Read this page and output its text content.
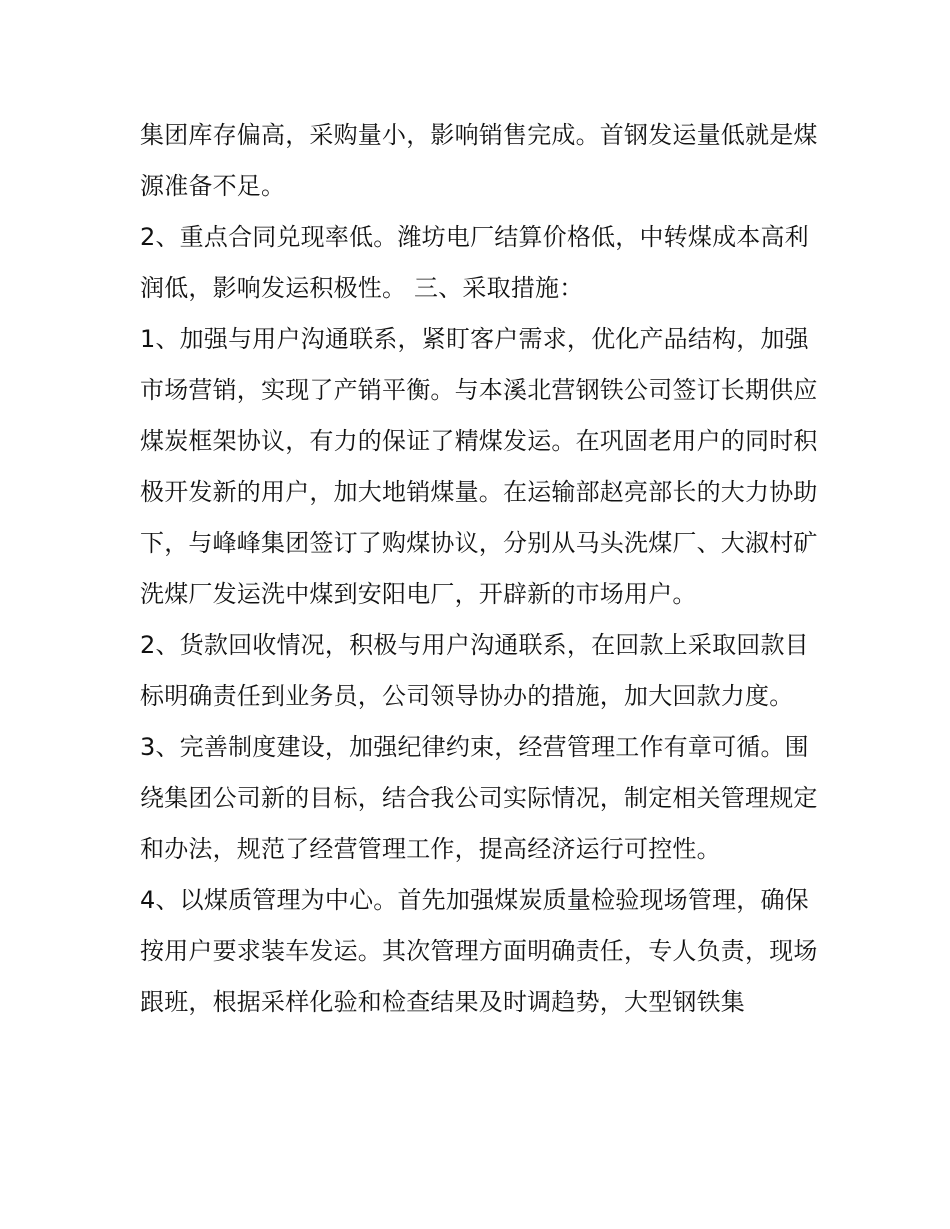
集团库存偏高，采购量小，影响销售完成。首钢发运量低就是煤源准备不足。

2、重点合同兑现率低。潍坊电厂结算价格低，中转煤成本高利润低，影响发运积极性。 三、采取措施：

1、加强与用户沟通联系，紧盯客户需求，优化产品结构，加强市场营销，实现了产销平衡。与本溪北营钢铁公司签订长期供应煤炭框架协议，有力的保证了精煤发运。在巩固老用户的同时积极开发新的用户，加大地销煤量。在运输部赵亮部长的大力协助下，与峰峰集团签订了购煤协议，分别从马头洗煤厂、大淑村矿洗煤厂发运洗中煤到安阳电厂，开辟新的市场用户。

2、货款回收情况，积极与用户沟通联系，在回款上采取回款目标明确责任到业务员，公司领导协办的措施，加大回款力度。

3、完善制度建设，加强纪律约束，经营管理工作有章可循。围绕集团公司新的目标，结合我公司实际情况，制定相关管理规定和办法，规范了经营管理工作，提高经济运行可控性。

4、以煤质管理为中心。首先加强煤炭质量检验现场管理，确保按用户要求装车发运。其次管理方面明确责任，专人负责，现场跟班，根据采样化验和检查结果及时调趋势，大型钢铁集
